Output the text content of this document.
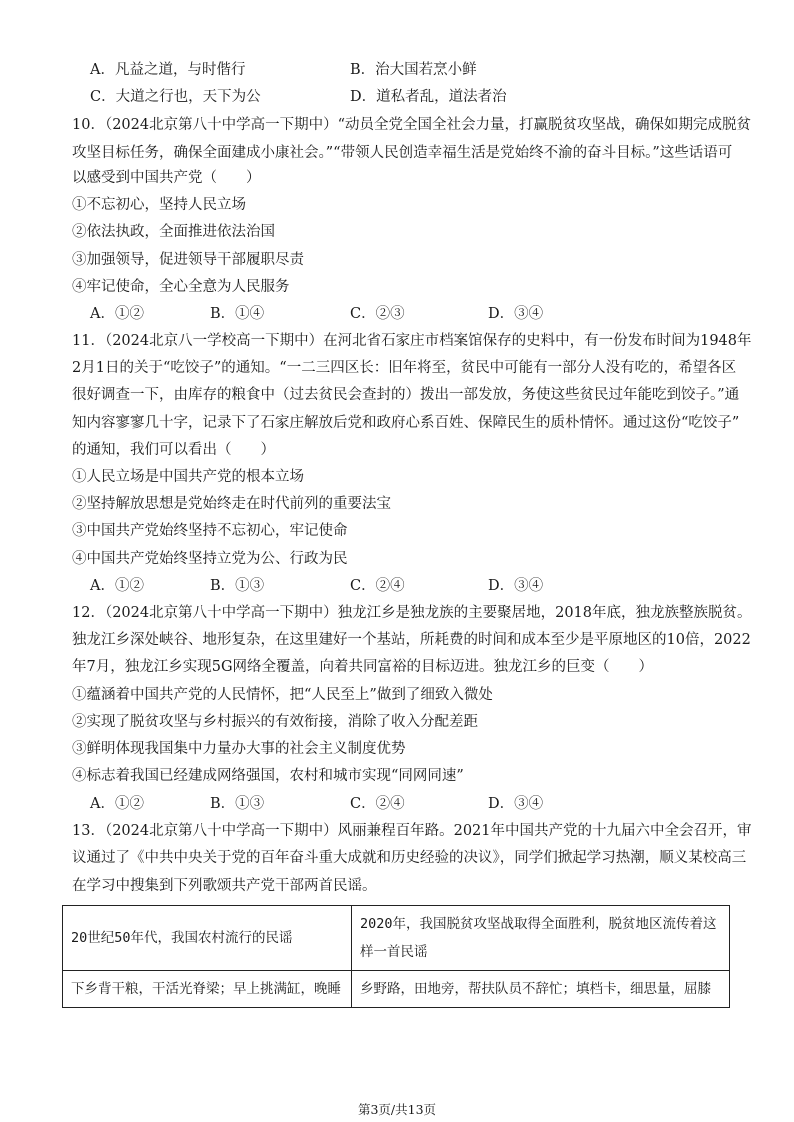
A．凡益之道，与时偕行	B．治大国若烹小鲜
C．大道之行也，天下为公	D．道私者乱，道法者治
10．（2024北京第八十中学高一下期中）“动员全党全国全社会力量，打赢脱贫攻坚战，确保如期完成脱贫
攻坚目标任务，确保全面建成小康社会。”“带领人民创造幸福生活是党始终不渝的奋斗目标。”这些话语可
以感受到中国共产党（　　）
①不忘初心，坚持人民立场
②依法执政，全面推进依法治国
③加强领导，促进领导干部履职尽责
④牢记使命，全心全意为人民服务
A．①②	B．①④	C．②③	D．③④
11．（2024北京八一学校高一下期中）在河北省石家庄市档案馆保存的史料中，有一份发布时间为1948年
2月1日的关于“吃饺子”的通知。“一二三四区长：旧年将至，贫民中可能有一部分人没有吃的，希望各区
很好调查一下，由库存的粮食中（过去贫民会查封的）拨出一部发放，务使这些贫民过年能吃到饺子。”通
知内容寥寥几十字，记录下了石家庄解放后党和政府心系百姓、保障民生的质朴情怀。通过这份“吃饺子”
的通知，我们可以看出（　　）
①人民立场是中国共产党的根本立场
②坚持解放思想是党始终走在时代前列的重要法宝
③中国共产党始终坚持不忘初心，牢记使命
④中国共产党始终坚持立党为公、行政为民
A．①②	B．①③	C．②④	D．③④
12．（2024北京第八十中学高一下期中）独龙江乡是独龙族的主要聚居地，2018年底，独龙族整族脱贫。
独龙江乡深处峡谷、地形复杂，在这里建好一个基站，所耗费的时间和成本至少是平原地区的10倍，2022
年7月，独龙江乡实现5G网络全覆盖，向着共同富裕的目标迈进。独龙江乡的巨变（　　）
①蕴涵着中国共产党的人民情怀，把“人民至上”做到了细致入微处
②实现了脱贫攻坚与乡村振兴的有效衔接，消除了收入分配差距
③鲜明体现我国集中力量办大事的社会主义制度优势
④标志着我国已经建成网络强国，农村和城市实现“同网同速”
A．①②	B．①③	C．②④	D．③④
13．（2024北京第八十中学高一下期中）风丽兼程百年路。2021年中国共产党的十九届六中全会召开，审
议通过了《中共中央关于党的百年奋斗重大成就和历史经验的决议》，同学们掀起学习热潮，顺义某校高三
在学习中搜集到下列歌颂共产党干部两首民谣。
20世纪50年代，我国农村流行的民谣	2020年，我国脱贫攻坚战取得全面胜利，脱贫地区流传着这
样一首民谣

下乡背干粮，干活光脊梁；早上挑满缸，晚睡	乡野路，田地旁，帮扶队员不辞忙；填档卡，细思量，屈膝
第3页/共13页
